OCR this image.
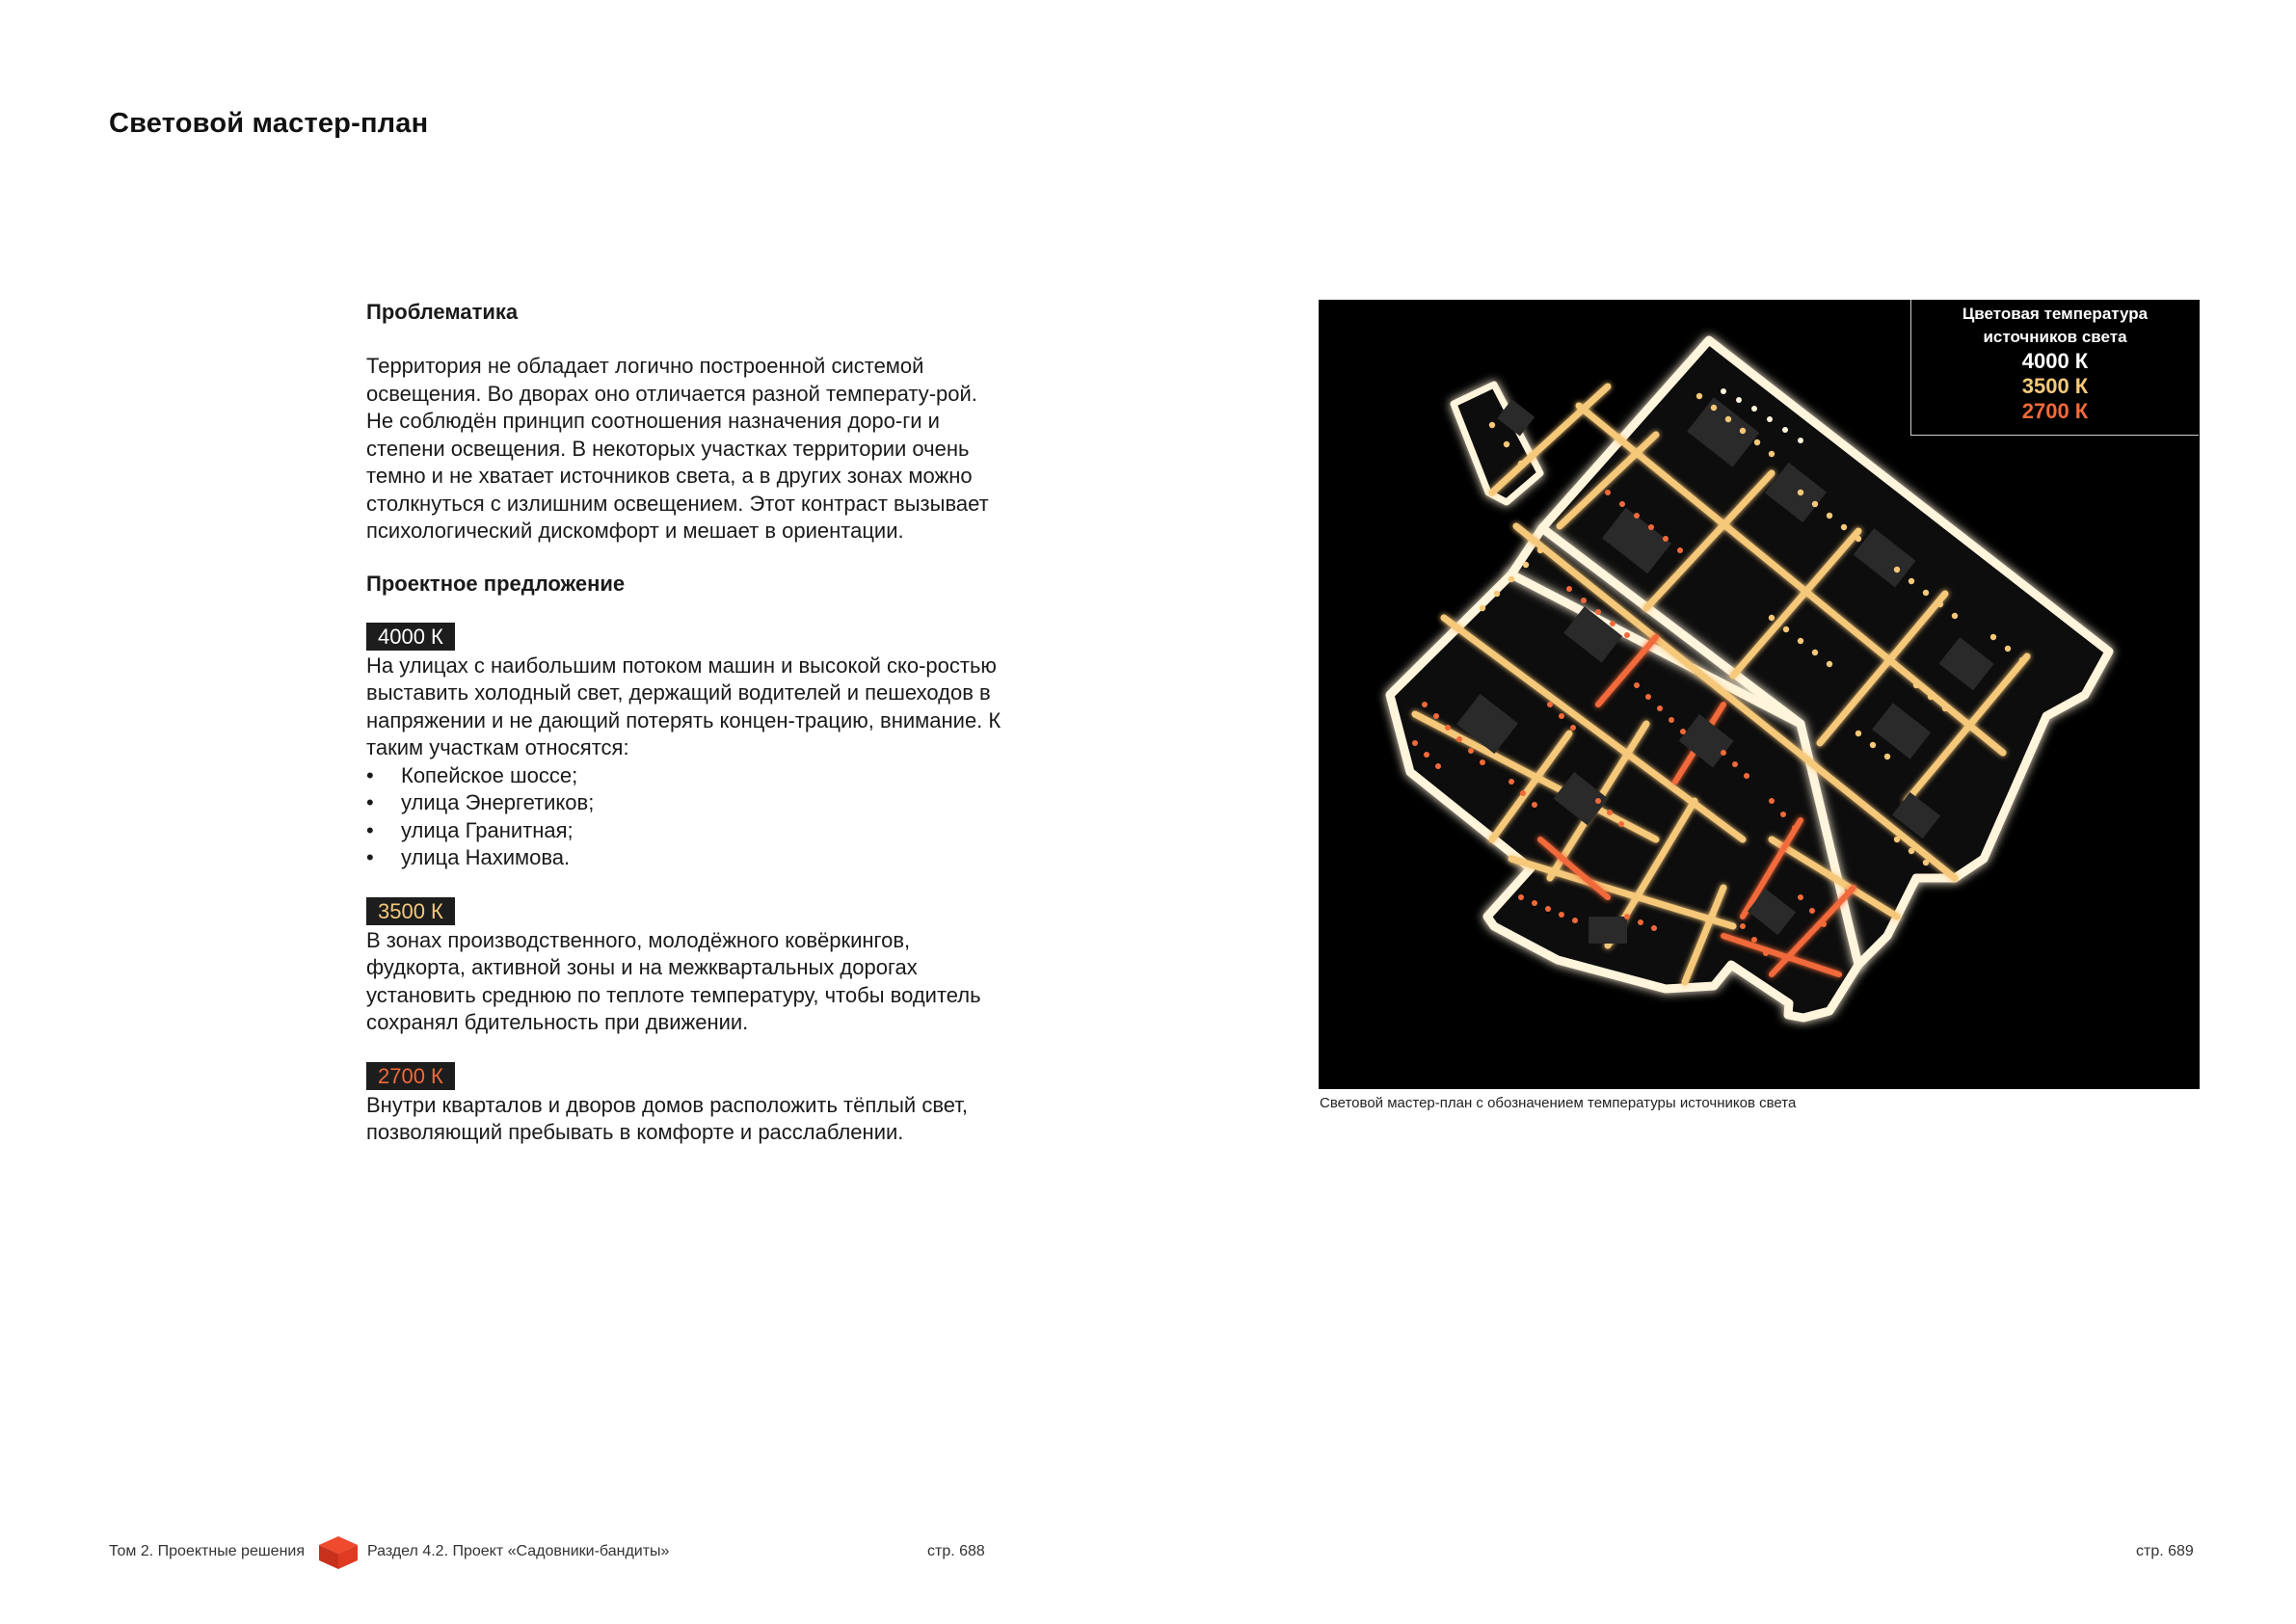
Световой мастер-план
Проблематика

Территория не обладает логично построенной системой освещения. Во дворах оно отличается разной температу-рой. Не соблюдён принцип соотношения назначения доро-ги и степени освещения. В некоторых участках территории очень темно и не хватает источников света, а в других зонах можно столкнуться с излишним освещением. Этот контраст вызывает психологический дискомфорт и мешает в ориентации.

Проектное предложение
4000 К

На улицах с наибольшим потоком машин и высокой ско-ростью выставить холодный свет, держащий водителей и пешеходов в напряжении и не дающий потерять концен-трацию, внимание. К таким участкам относятся:

• Копейское шоссе;
• улица Энергетиков;
• улица Гранитная;
• улица Нахимова.
3500 К

В зонах производственного, молодёжного ковёркингов, фудкорта, активной зоны и на межквартальных дорогах установить среднюю по теплоте температуру, чтобы водитель сохранял бдительность при движении.

2700 К

Внутри кварталов и дворов домов расположить тёплый свет, позволяющий пребывать в комфорте и расслаблении.

Цветовая температура
источников света
4000 К
3500 К
2700 К
Световой мастер-план с обозначением температуры источников света
Том 2. Проектные решения	Раздел 4.2. Проект «Садовники-бандиты»	стр. 688	стр. 689
